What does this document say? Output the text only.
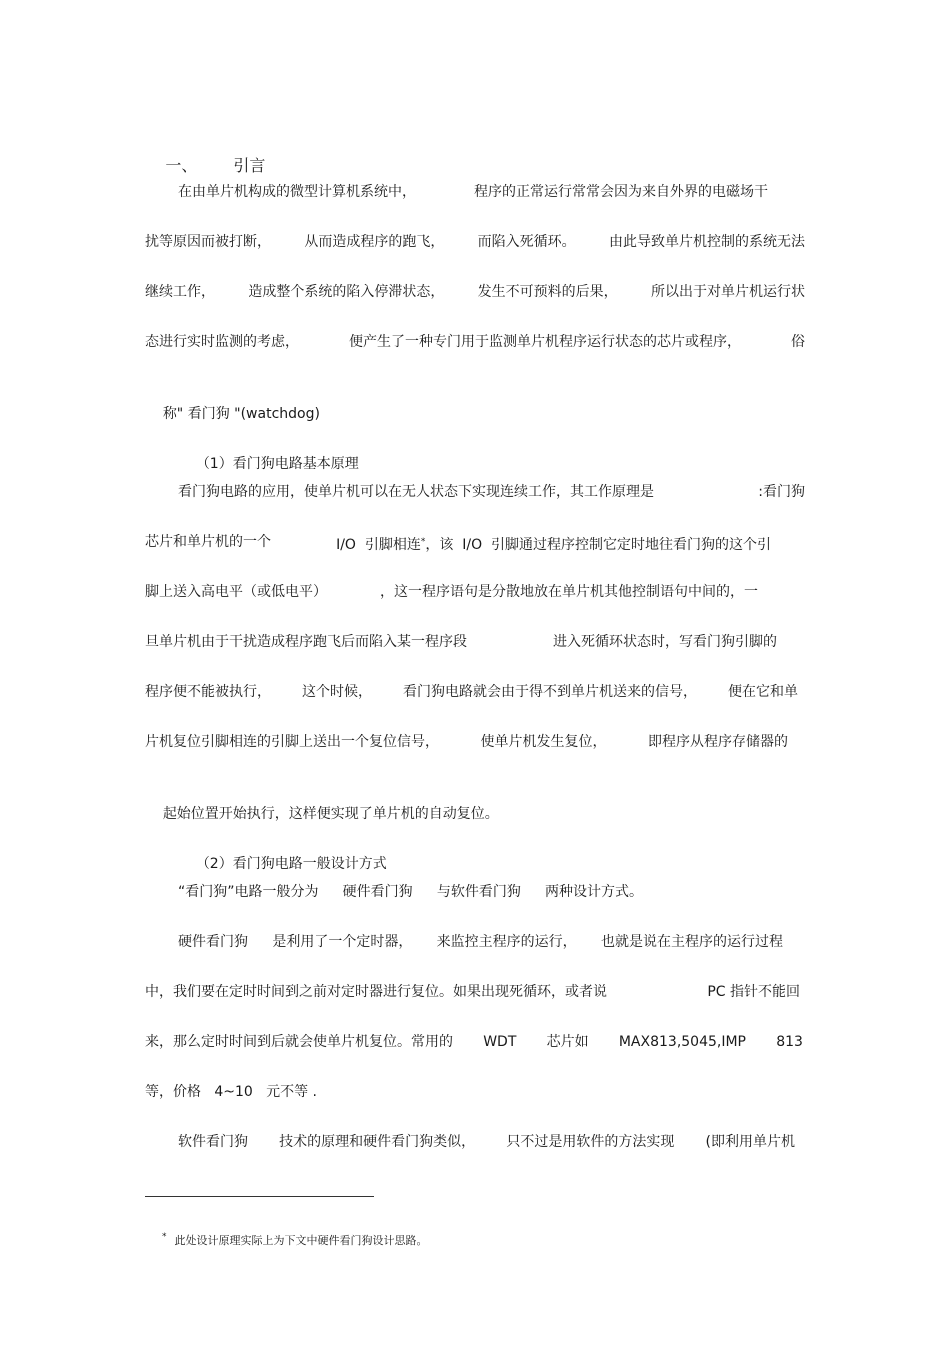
一、 引言

在由单片机构成的微型计算机系统中，	程序的正常运行常常会因为来自外界的电磁场干
扰等原因而被打断， 从而造成程序的跑飞， 而陷入死循环。 由此导致单片机控制的系统无法
继续工作， 造成整个系统的陷入停滞状态， 发生不可预料的后果， 所以出于对单片机运行状
态进行实时监测的考虑，	便产生了一种专门用于监测单片机程序运行状态的芯片或程序，	俗

称" 看门狗 "(watchdog)

（1）看门狗电路基本原理

看门狗电路的应用，使单片机可以在无人状态下实现连续工作，其工作原理是	:看门狗
芯片和单片机的一个	I/O  引脚相连*，该  I/O  引脚通过程序控制它定时地往看门狗的这个引
脚上送入高电平（或低电平）	，这一程序语句是分散地放在单片机其他控制语句中间的，一
旦单片机由于干扰造成程序跑飞后而陷入某一程序段	进入死循环状态时，写看门狗引脚的
程序便不能被执行， 这个时候， 看门狗电路就会由于得不到单片机送来的信号， 便在它和单
片机复位引脚相连的引脚上送出一个复位信号，	使单片机发生复位，	即程序从程序存储器的

起始位置开始执行，这样便实现了单片机的自动复位。

（2）看门狗电路一般设计方式

“看门狗”电路一般分为 硬件看门狗 与软件看门狗 两种设计方式。
硬件看门狗 是利用了一个定时器， 来监控主程序的运行， 也就是说在主程序的运行过程
中，我们要在定时时间到之前对定时器进行复位。如果出现死循环，或者说	PC 指针不能回
来，那么定时时间到后就会使单片机复位。常用的 WDT 芯片如 MAX813,5045,IMP 813
等，价格 4~10 元不等 .
软件看门狗 技术的原理和硬件看门狗类似， 只不过是用软件的方法实现 (即利用单片机

* 此处设计原理实际上为下文中硬件看门狗设计思路。
